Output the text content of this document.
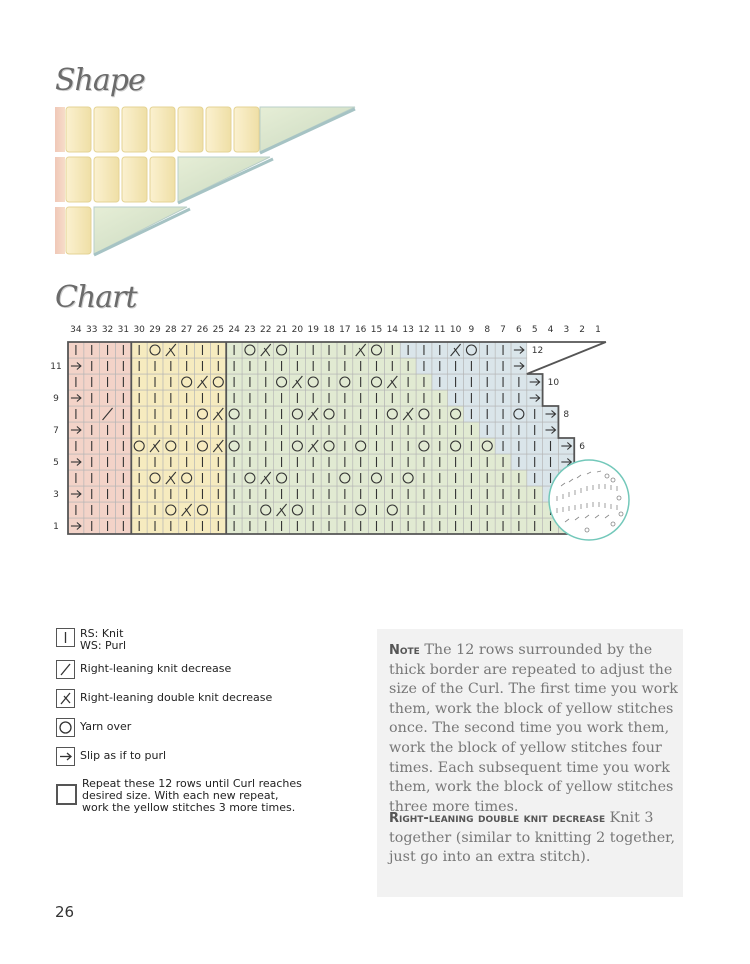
Shape
Chart
34 33 32 31 30 29 28 27 26 25 24 23 22 21 20 19 18 17 16 15 14 13 12 11 10 9 8 7 6 5 4 3 2 1
11
9
7
5
3
1
12
10
8
6
RS: Knit
WS: Purl
Right-leaning knit decrease
Right-leaning double knit decrease
Yarn over
Slip as if to purl
Repeat these 12 rows until Curl reaches
desired size. With each new repeat,
work the yellow stitches 3 more times.

Note The 12 rows surrounded by the thick border are repeated to adjust the size of the Curl. The first time you work them, work the block of yellow stitches once. The second time you work them, work the block of yellow stitches four times. Each subsequent time you work them, work the block of yellow stitches three more times.

Right-leaning double knit decrease Knit 3 together (similar to knitting 2 together, just go into an extra stitch).

26
